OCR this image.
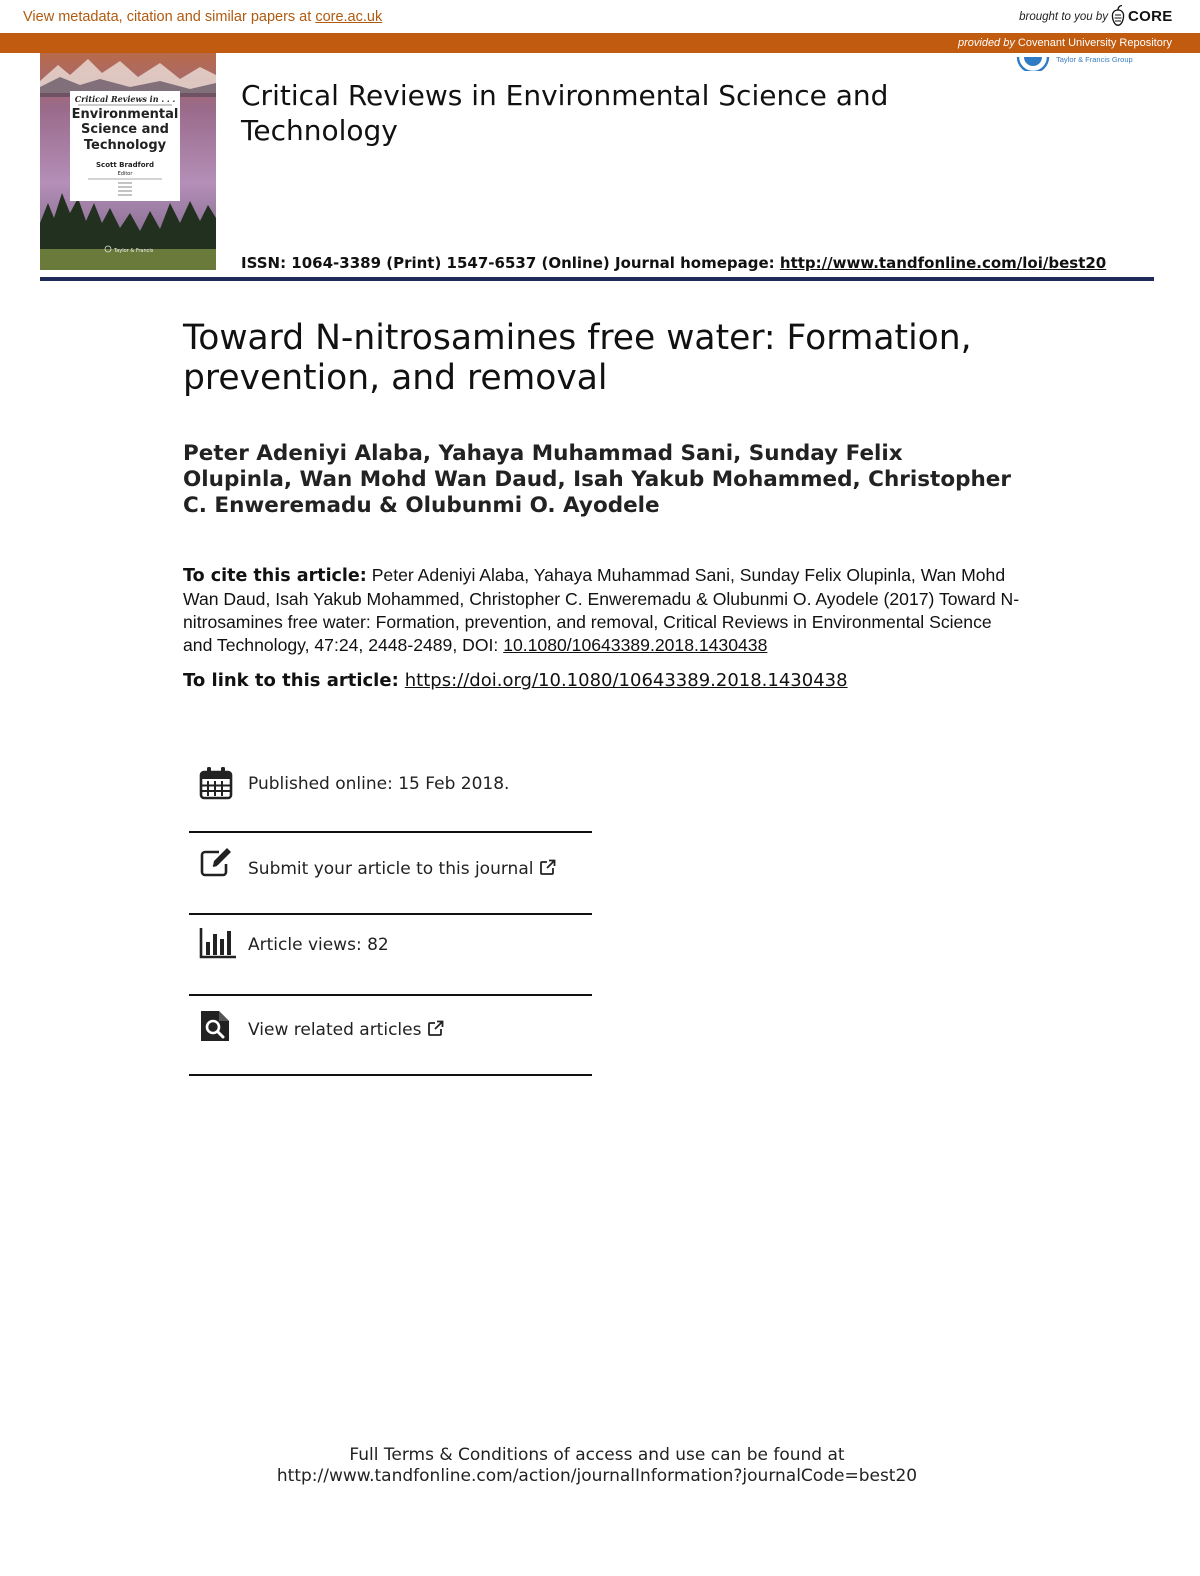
View metadata, citation and similar papers at core.ac.uk	brought to you by CORE
provided by Covenant University Repository
Critical Reviews in . . .
Environmental
Science and
Technology
Scott Bradford
Editor
Taylor & Francis
Taylor & Francis Group
Critical Reviews in Environmental Science and Technology
ISSN: 1064-3389 (Print) 1547-6537 (Online) Journal homepage: http://www.tandfonline.com/loi/best20
Toward N-nitrosamines free water: Formation, prevention, and removal
Peter Adeniyi Alaba, Yahaya Muhammad Sani, Sunday Felix Olupinla, Wan Mohd Wan Daud, Isah Yakub Mohammed, Christopher C. Enweremadu & Olubunmi O. Ayodele
To cite this article: Peter Adeniyi Alaba, Yahaya Muhammad Sani, Sunday Felix Olupinla, Wan Mohd Wan Daud, Isah Yakub Mohammed, Christopher C. Enweremadu & Olubunmi O. Ayodele (2017) Toward N-nitrosamines free water: Formation, prevention, and removal, Critical Reviews in Environmental Science and Technology, 47:24, 2448-2489, DOI: 10.1080/10643389.2018.1430438
To link to this article: https://doi.org/10.1080/10643389.2018.1430438
Published online: 15 Feb 2018.
Submit your article to this journal
Article views: 82
View related articles
Full Terms & Conditions of access and use can be found at
http://www.tandfonline.com/action/journalInformation?journalCode=best20
